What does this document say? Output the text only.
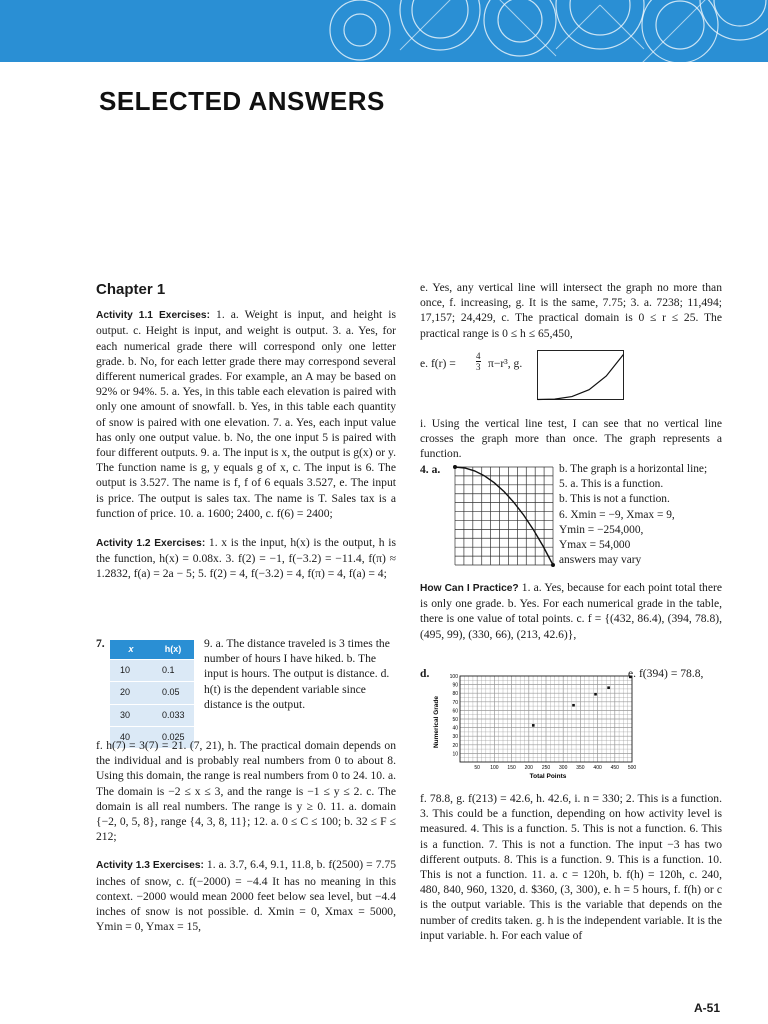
SELECTED ANSWERS
Chapter 1

Activity 1.1 Exercises: 1. a. Weight is input, and height is output. c. Height is input, and weight is output. 3. a. Yes, for each numerical grade there will correspond only one letter grade. b. No, for each letter grade there may correspond several different numerical grades. For example, an A may be based on 92% or 94%. 5. a. Yes, in this table each elevation is paired with only one amount of snowfall. b. Yes, in this table each quantity of snow is paired with one elevation. 7. a. Yes, each input value has only one output value. b. No, the one input 5 is paired with four different outputs. 9. a. The input is x, the output is g(x) or y. The function name is g, y equals g of x, c. The input is 6. The output is 3.527. The name is f, f of 6 equals 3.527, e. The input is price. The output is sales tax. The name is T. Sales tax is a function of price. 10. a. 1600; 2400, c. f(6) = 2400;

Activity 1.2 Exercises: 1. x is the input, h(x) is the output, h is the function, h(x) = 0.08x. 3. f(2) = −1, f(−3.2) = −11.4, f(π) ≈ 1.2832, f(a) = 2a − 5; 5. f(2) = 4, f(−3.2) = 4, f(π) = 4, f(a) = 4;

7.	x	h(x)
10	0.1
20	0.05
30	0.033
40	0.025

9. a. The distance traveled is 3 times the number of hours I have hiked. b. The input is hours. The output is distance. d. h(t) is the dependent variable since distance is the output.

f. h(7) = 3(7) = 21. (7, 21), h. The practical domain depends on the individual and is probably real numbers from 0 to about 8. Using this domain, the range is real numbers from 0 to 24. 10. a. The domain is −2 ≤ x ≤ 3, and the range is −1 ≤ y ≤ 2. c. The domain is all real numbers. The range is y ≥ 0. 11. a. domain {−2, 0, 5, 8}, range {4, 3, 8, 11}; 12. a. 0 ≤ C ≤ 100; b. 32 ≤ F ≤ 212;

Activity 1.3 Exercises: 1. a. 3.7, 6.4, 9.1, 11.8, b. f(2500) = 7.75 inches of snow, c. f(−2000) = −4.4 It has no meaning in this context. −2000 would mean 2000 feet below sea level, but −4.4 inches of snow is not possible. d. Xmin = 0, Xmax = 5000, Ymin = 0, Ymax = 15,

e. Yes, any vertical line will intersect the graph no more than once, f. increasing, g. It is the same, 7.75; 3. a. 7238; 11,494; 17,157; 24,429, c. The practical domain is 0 ≤ r ≤ 25. The practical range is 0 ≤ h ≤ 65,450,

e. $f(r) = \frac{4}{3} \pi-r^3$, g.

i. Using the vertical line test, I can see that no vertical line crosses the graph more than once. The graph represents a function.

4. a.	b. The graph is a horizontal line;
5. a. This is a function.
b. This is not a function.
6. Xmin = −9, Xmax = 9,
Ymin = −254,000,
Ymax = 54,000
answers may vary

How Can I Practice? 1. a. Yes, because for each point total there is only one grade. b. Yes. For each numerical grade in the table, there is one value of total points. c. f = {(432, 86.4), (394, 78.8), (495, 99), (330, 66), (213, 42.6)},

d.
50 100 150 200 250 300 350 400 450 500
10
20
30
40
50
60
70
80
90
100
Total Points
Numerical Grade
e. f(394) = 78.8,

f. 78.8, g. f(213) = 42.6, h. 42.6, i. n = 330; 2. This is a function. 3. This could be a function, depending on how activity level is measured. 4. This is a function. 5. This is not a function. 6. This is a function. 7. This is not a function. The input −3 has two different outputs. 8. This is a function. 9. This is a function. 10. This is not a function. 11. a. c = 120h, b. f(h) = 120h, c. 240, 480, 840, 960, 1320, d. $360, (3, 300), e. h = 5 hours, f. f(h) or c is the output variable. This is the variable that depends on the number of credits taken. g. h is the independent variable. It is the input variable. h. For each value of

A-51
